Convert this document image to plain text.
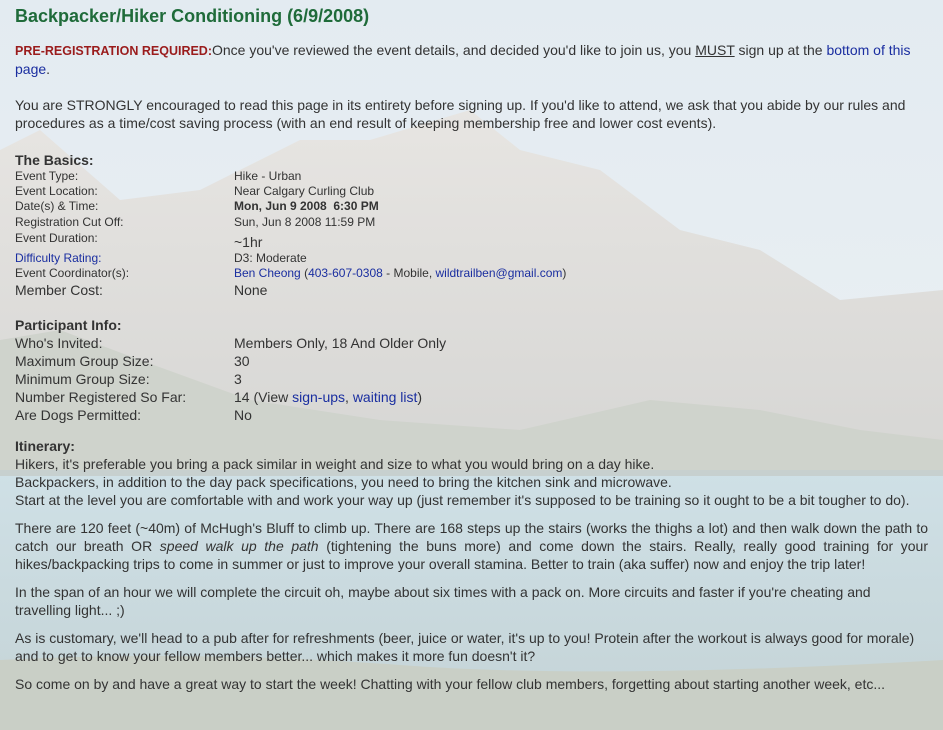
Backpacker/Hiker Conditioning (6/9/2008)

PRE-REGISTRATION REQUIRED:Once you've reviewed the event details, and decided you'd like to join us, you MUST sign up at the bottom of this page.

You are STRONGLY encouraged to read this page in its entirety before signing up. If you'd like to attend, we ask that you abide by our rules and procedures as a time/cost saving process (with an end result of keeping membership free and lower cost events).

The Basics:
Event Type:	Hike - Urban
Event Location:	Near Calgary Curling Club
Date(s) & Time:	Mon, Jun 9 2008  6:30 PM
Registration Cut Off:	Sun, Jun 8 2008 11:59 PM
Event Duration:	~1hr
Difficulty Rating:	D3: Moderate
Event Coordinator(s):	Ben Cheong (403-607-0308 - Mobile, wildtrailben@gmail.com)
Member Cost:	None
Participant Info:
Who's Invited:	Members Only, 18 And Older Only
Maximum Group Size:	30
Minimum Group Size:	3
Number Registered So Far:	14 (View sign-ups, waiting list)
Are Dogs Permitted:	No
Itinerary:

Hikers, it's preferable you bring a pack similar in weight and size to what you would bring on a day hike.

Backpackers, in addition to the day pack specifications, you need to bring the kitchen sink and microwave.

Start at the level you are comfortable with and work your way up (just remember it's supposed to be training so it ought to be a bit tougher to do).

There are 120 feet (~40m) of McHugh's Bluff to climb up. There are 168 steps up the stairs (works the thighs a lot) and then walk down the path to catch our breath OR speed walk up the path (tightening the buns more) and come down the stairs. Really, really good training for your hikes/backpacking trips to come in summer or just to improve your overall stamina. Better to train (aka suffer) now and enjoy the trip later!

In the span of an hour we will complete the circuit oh, maybe about six times with a pack on. More circuits and faster if you're cheating and travelling light... ;)

As is customary, we'll head to a pub after for refreshments (beer, juice or water, it's up to you! Protein after the workout is always good for morale) and to get to know your fellow members better... which makes it more fun doesn't it?

So come on by and have a great way to start the week! Chatting with your fellow club members, forgetting about starting another week, etc...
